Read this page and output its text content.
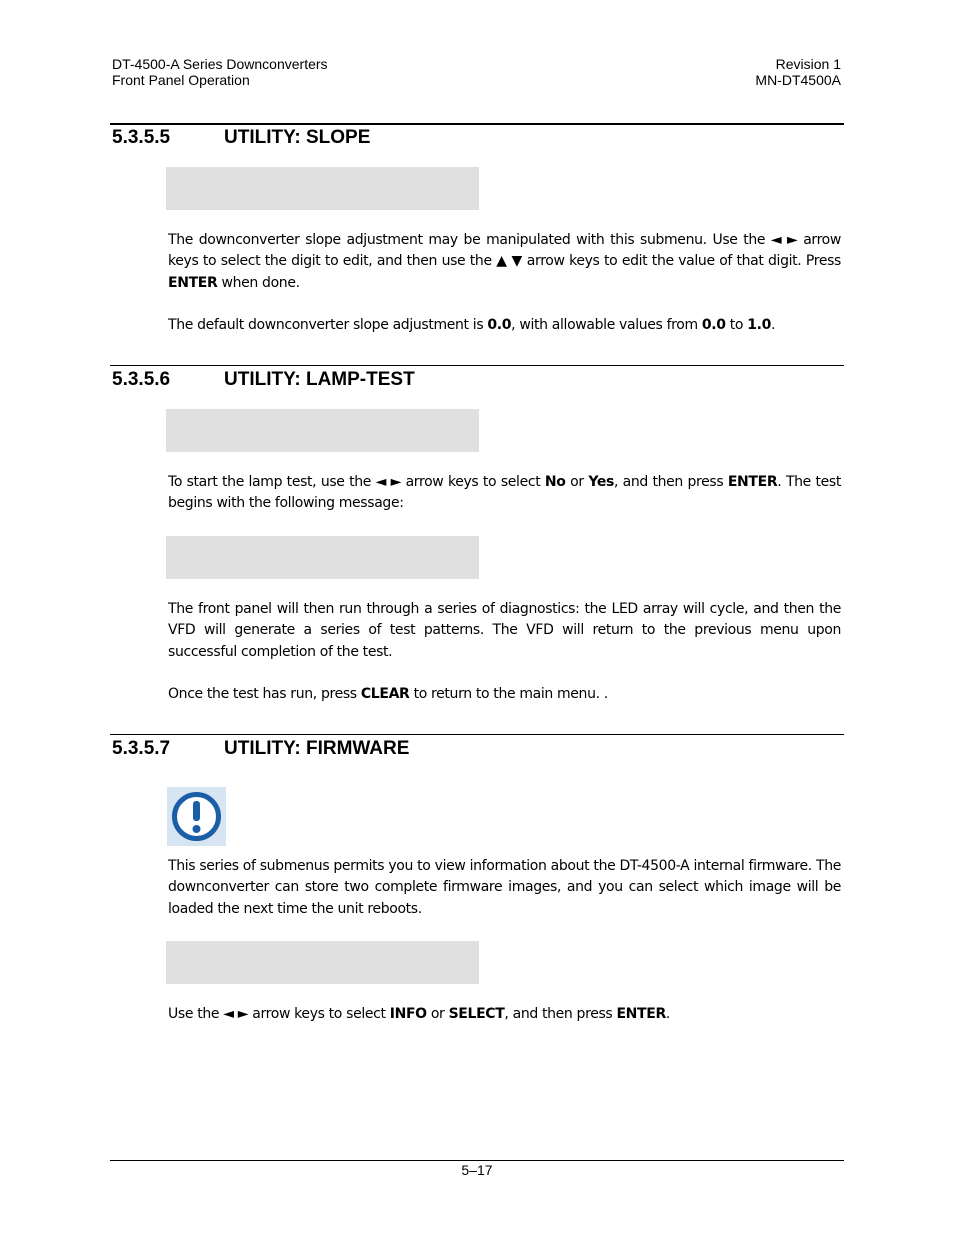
DT-4500-A Series Downconverters
Front Panel Operation
Revision 1
MN-DT4500A
5.3.5.5	UTILITY: SLOPE
The downconverter slope adjustment may be manipulated with this submenu. Use the ◄ ► arrow keys to select the digit to edit, and then use the ▲ ▼ arrow keys to edit the value of that digit. Press ENTER when done.
The default downconverter slope adjustment is 0.0, with allowable values from 0.0 to 1.0.
5.3.5.6	UTILITY: LAMP-TEST
To start the lamp test, use the ◄ ► arrow keys to select No or Yes, and then press ENTER. The test begins with the following message:
The front panel will then run through a series of diagnostics: the LED array will cycle, and then the VFD will generate a series of test patterns. The VFD will return to the previous menu upon successful completion of the test.
Once the test has run, press CLEAR to return to the main menu. .
5.3.5.7	UTILITY: FIRMWARE
This series of submenus permits you to view information about the DT-4500-A internal firmware. The downconverter can store two complete firmware images, and you can select which image will be loaded the next time the unit reboots.
Use the ◄ ► arrow keys to select INFO or SELECT, and then press ENTER.
5–17
